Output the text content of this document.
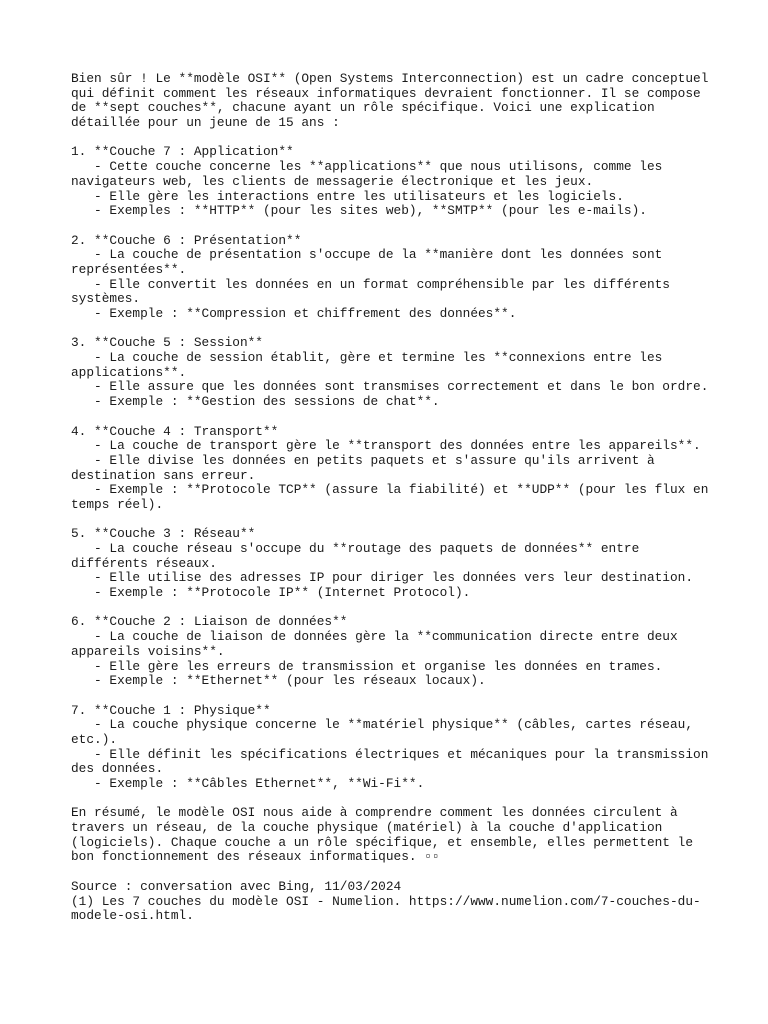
Bien sûr ! Le **modèle OSI** (Open Systems Interconnection) est un cadre conceptuel
qui définit comment les réseaux informatiques devraient fonctionner. Il se compose
de **sept couches**, chacune ayant un rôle spécifique. Voici une explication
détaillée pour un jeune de 15 ans :
1. **Couche 7 : Application**
- Cette couche concerne les **applications** que nous utilisons, comme les
navigateurs web, les clients de messagerie électronique et les jeux.
- Elle gère les interactions entre les utilisateurs et les logiciels.
- Exemples : **HTTP** (pour les sites web), **SMTP** (pour les e-mails).
2. **Couche 6 : Présentation**
- La couche de présentation s'occupe de la **manière dont les données sont
représentées**.
- Elle convertit les données en un format compréhensible par les différents
systèmes.
- Exemple : **Compression et chiffrement des données**.
3. **Couche 5 : Session**
- La couche de session établit, gère et termine les **connexions entre les
applications**.
- Elle assure que les données sont transmises correctement et dans le bon ordre.
- Exemple : **Gestion des sessions de chat**.
4. **Couche 4 : Transport**
- La couche de transport gère le **transport des données entre les appareils**.
- Elle divise les données en petits paquets et s'assure qu'ils arrivent à
destination sans erreur.
- Exemple : **Protocole TCP** (assure la fiabilité) et **UDP** (pour les flux en
temps réel).
5. **Couche 3 : Réseau**
- La couche réseau s'occupe du **routage des paquets de données** entre
différents réseaux.
- Elle utilise des adresses IP pour diriger les données vers leur destination.
- Exemple : **Protocole IP** (Internet Protocol).
6. **Couche 2 : Liaison de données**
- La couche de liaison de données gère la **communication directe entre deux
appareils voisins**.
- Elle gère les erreurs de transmission et organise les données en trames.
- Exemple : **Ethernet** (pour les réseaux locaux).
7. **Couche 1 : Physique**
- La couche physique concerne le **matériel physique** (câbles, cartes réseau,
etc.).
- Elle définit les spécifications électriques et mécaniques pour la transmission
des données.
- Exemple : **Câbles Ethernet**, **Wi-Fi**.
En résumé, le modèle OSI nous aide à comprendre comment les données circulent à
travers un réseau, de la couche physique (matériel) à la couche d'application
(logiciels). Chaque couche a un rôle spécifique, et ensemble, elles permettent le
bon fonctionnement des réseaux informatiques. ▫▫
Source : conversation avec Bing, 11/03/2024
(1) Les 7 couches du modèle OSI - Numelion. https://www.numelion.com/7-couches-du-
modele-osi.html.
